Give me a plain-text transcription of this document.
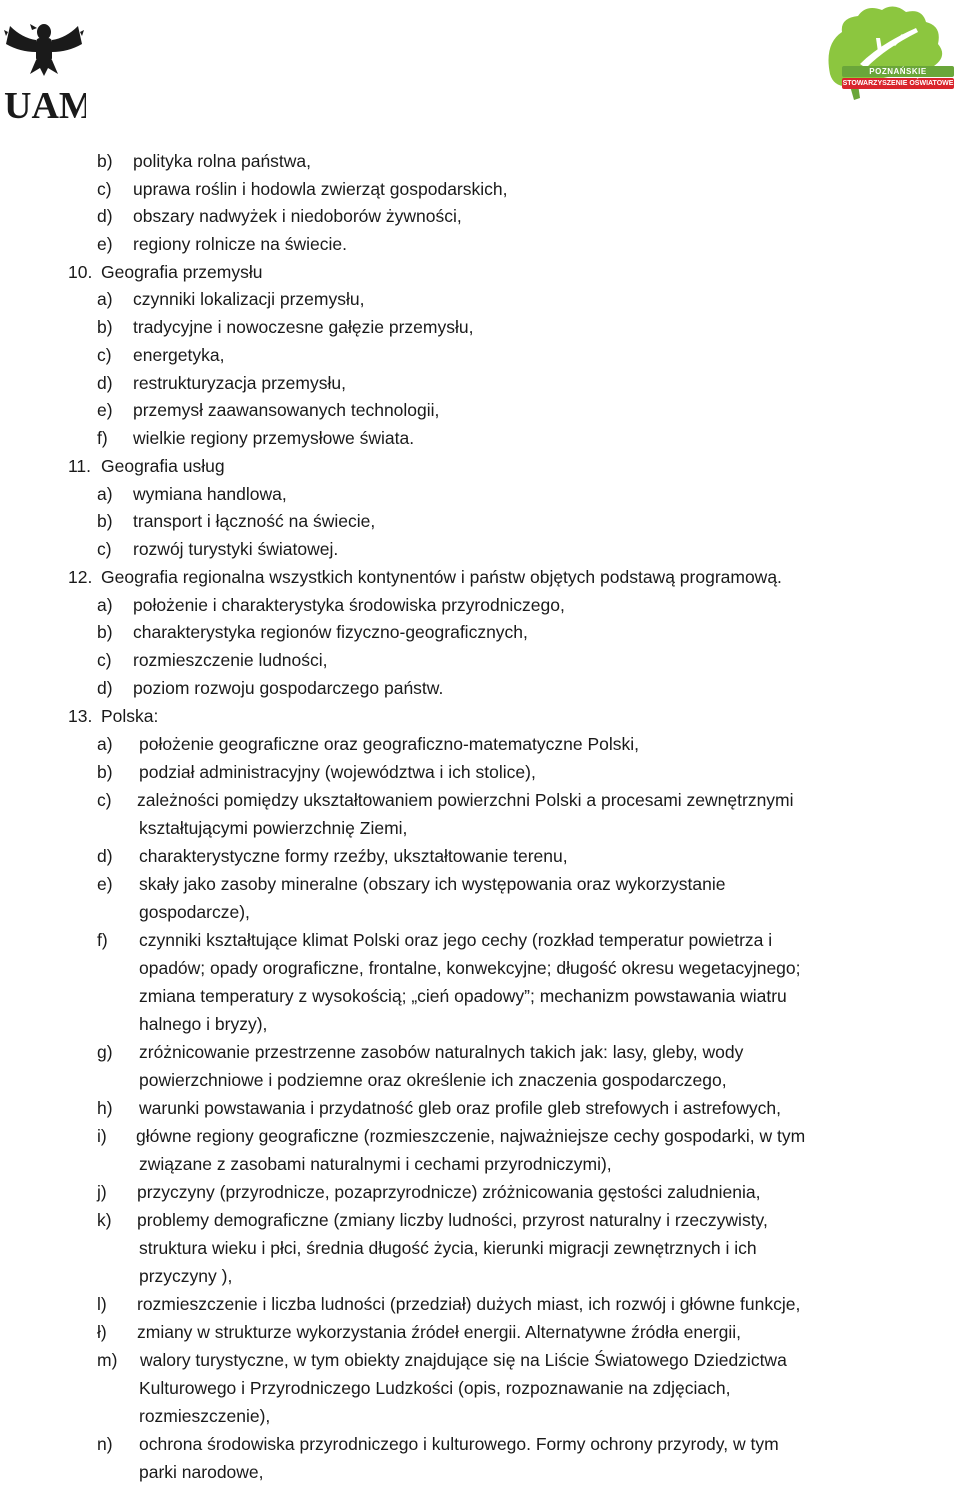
UAM
POZNAŃSKIE
STOWARZYSZENIE OŚWIATOWE
b) polityka rolna państwa,
c) uprawa roślin i hodowla zwierząt gospodarskich,
d) obszary nadwyżek i niedoborów żywności,
e) regiony rolnicze na świecie.
10. Geografia przemysłu
a) czynniki lokalizacji przemysłu,
b) tradycyjne i nowoczesne gałęzie przemysłu,
c) energetyka,
d) restrukturyzacja przemysłu,
e) przemysł zaawansowanych technologii,
f) wielkie regiony przemysłowe świata.
11. Geografia usług
a) wymiana handlowa,
b) transport i łączność na świecie,
c) rozwój turystyki światowej.
12. Geografia regionalna wszystkich kontynentów i państw objętych podstawą programową.
a) położenie i charakterystyka środowiska przyrodniczego,
b) charakterystyka regionów fizyczno-geograficznych,
c) rozmieszczenie ludności,
d) poziom rozwoju gospodarczego państw.
13. Polska:
a) położenie geograficzne oraz geograficzno-matematyczne Polski,
b) podział administracyjny (województwa i ich stolice),
c) zależności pomiędzy ukształtowaniem powierzchni Polski a procesami zewnętrznymi
kształtującymi powierzchnię Ziemi,
d) charakterystyczne formy rzeźby, ukształtowanie terenu,
e) skały jako zasoby mineralne (obszary ich występowania oraz wykorzystanie
gospodarcze),
f) czynniki kształtujące klimat Polski oraz jego cechy (rozkład temperatur powietrza i
opadów; opady orograficzne, frontalne, konwekcyjne; długość okresu wegetacyjnego;
zmiana temperatury z wysokością; „cień opadowy”; mechanizm powstawania wiatru
halnego i bryzy),
g) zróżnicowanie przestrzenne zasobów naturalnych takich jak: lasy, gleby, wody
powierzchniowe i podziemne oraz określenie ich znaczenia gospodarczego,
h) warunki powstawania i przydatność gleb oraz profile gleb strefowych i astrefowych,
i) główne regiony geograficzne (rozmieszczenie, najważniejsze cechy gospodarki, w tym
związane z zasobami naturalnymi i cechami przyrodniczymi),
j) przyczyny (przyrodnicze, pozaprzyrodnicze) zróżnicowania gęstości zaludnienia,
k) problemy demograficzne (zmiany liczby ludności, przyrost naturalny i rzeczywisty,
struktura wieku i płci, średnia długość życia, kierunki migracji zewnętrznych i ich
przyczyny ),
l) rozmieszczenie i liczba ludności (przedział) dużych miast, ich rozwój i główne funkcje,
ł) zmiany w strukturze wykorzystania źródeł energii. Alternatywne źródła energii,
m) walory turystyczne, w tym obiekty znajdujące się na Liście Światowego Dziedzictwa
Kulturowego i Przyrodniczego Ludzkości (opis, rozpoznawanie na zdjęciach,
rozmieszczenie),
n) ochrona środowiska przyrodniczego i kulturowego. Formy ochrony przyrody, w tym
parki narodowe,
